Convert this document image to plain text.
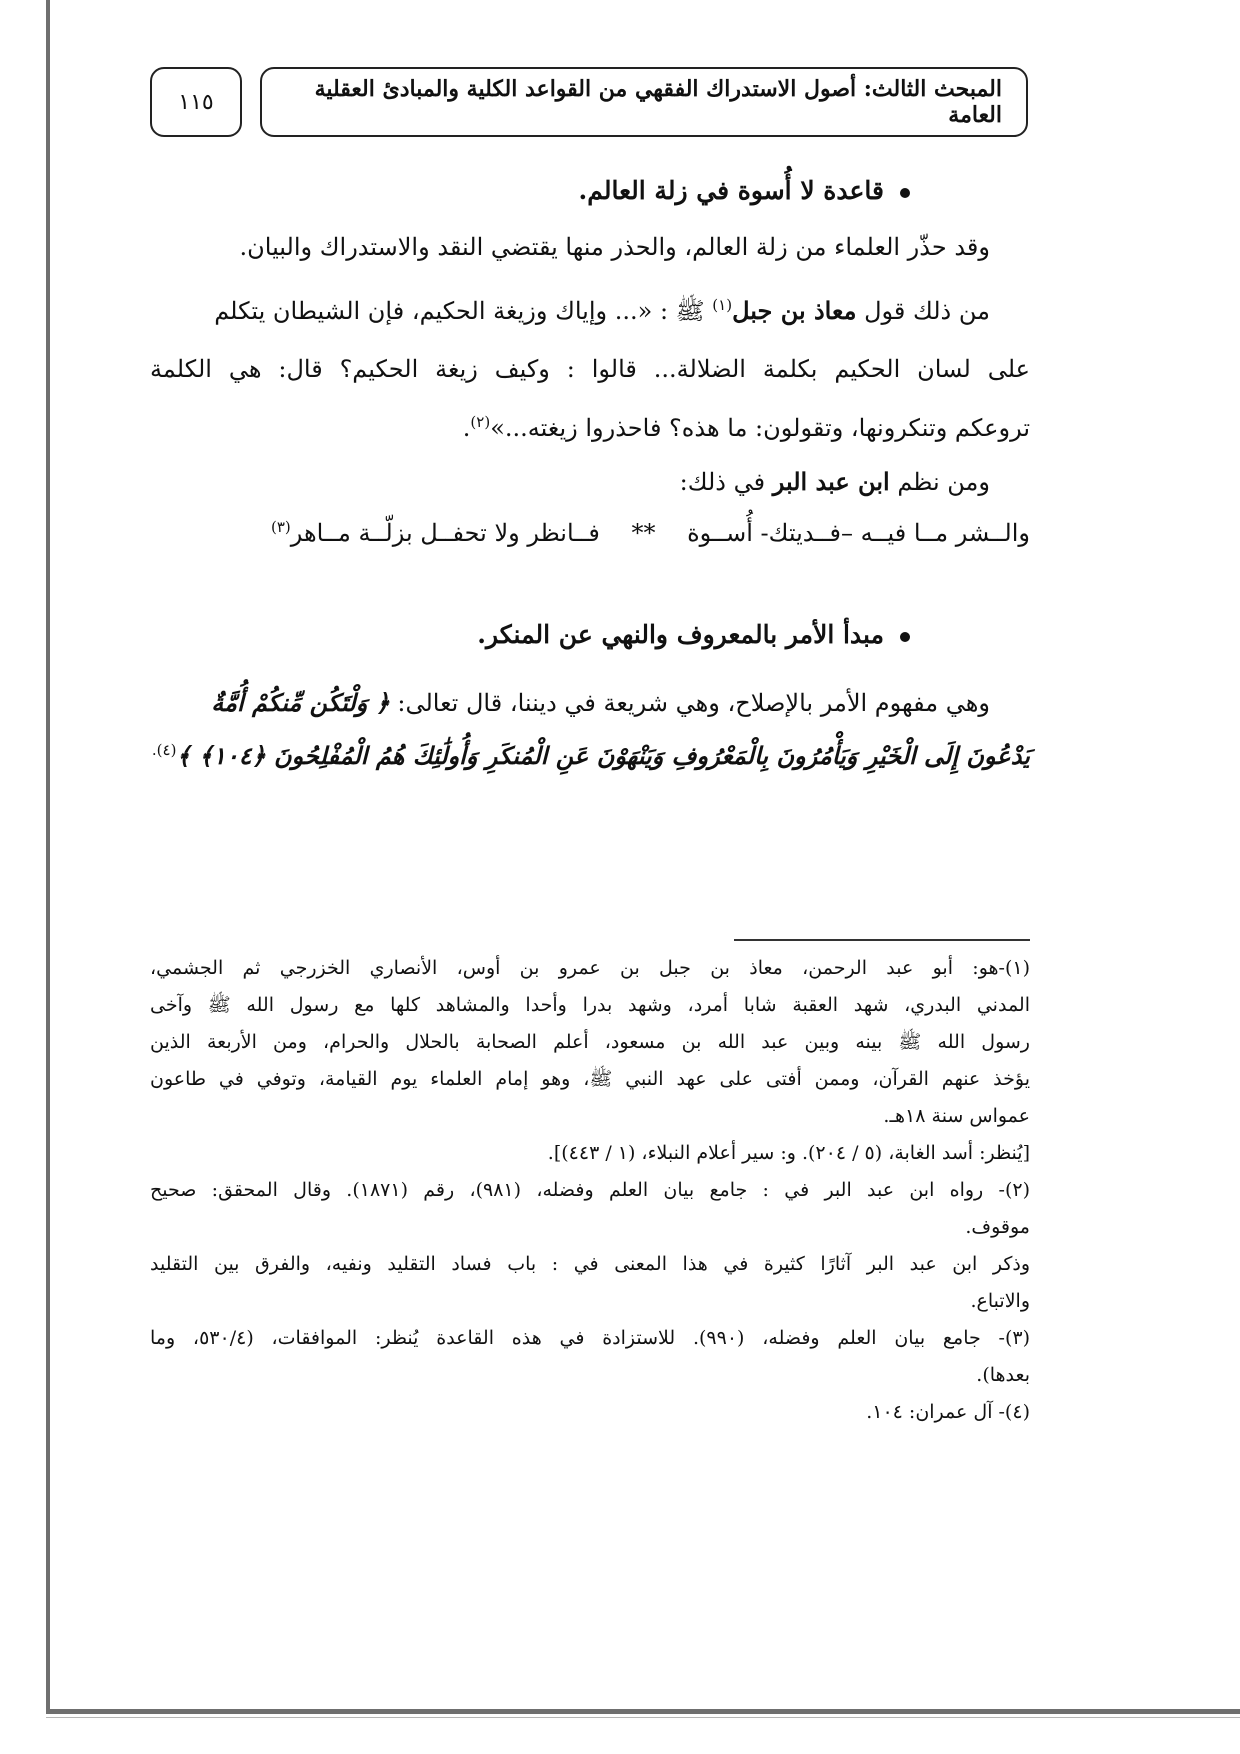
المبحث الثالث: أصول الاستدراك الفقهي من القواعد الكلية والمبادئ العقلية العامة
١١٥
قاعدة لا أُسوة في زلة العالم.
وقد حذّر العلماء من زلة العالم، والحذر منها يقتضي النقد والاستدراك والبيان.
من ذلك قول معاذ بن جبل$^{(١)}$ ﷺ : «... وإياك وزيغة الحكيم، فإن الشيطان يتكلم
على لسان الحكيم بكلمة الضلالة... قالوا : وكيف زيغة الحكيم؟ قال: هي الكلمة
تروعكم وتنكرونها، وتقولون: ما هذه؟ فاحذروا زيغته...»$^{(٢)}$.
ومن نظم ابن عبد البر في ذلك:
والــشر مــا فيــه –فــديتك- أُســوة ** فــانظر ولا تحفــل بزلّــة مــاهر$^{(٣)}$
مبدأ الأمر بالمعروف والنهي عن المنكر.
وهي مفهوم الأمر بالإصلاح، وهي شريعة في ديننا، قال تعالى: ﴿ وَلْتَكُن مِّنكُمْ أُمَّةٌ
يَدْعُونَ إِلَى الْخَيْرِ وَيَأْمُرُونَ بِالْمَعْرُوفِ وَيَنْهَوْنَ عَنِ الْمُنكَرِ وَأُولَٰئِكَ هُمُ الْمُفْلِحُونَ ﴿١٠٤﴾ ﴾$^{(٤).}$

(١)-هو: أبو عبد الرحمن، معاذ بن جبل بن عمرو بن أوس، الأنصاري الخزرجي ثم الجشمي،

المدني البدري، شهد العقبة شابا أمرد، وشهد بدرا وأحدا والمشاهد كلها مع رسول الله ﷺ وآخى

رسول الله ﷺ بينه وبين عبد الله بن مسعود، أعلم الصحابة بالحلال والحرام، ومن الأربعة الذين

يؤخذ عنهم القرآن، وممن أفتى على عهد النبي ﷺ، وهو إمام العلماء يوم القيامة، وتوفي في طاعون

عمواس سنة ١٨هـ.

[يُنظر: أسد الغابة، (٥ / ٢٠٤). و: سير أعلام النبلاء، (١ / ٤٤٣)].

(٢)- رواه ابن عبد البر في : جامع بيان العلم وفضله، (٩٨١)، رقم (١٨٧١). وقال المحقق: صحيح

موقوف.

وذكر ابن عبد البر آثارًا كثيرة في هذا المعنى في : باب فساد التقليد ونفيه، والفرق بين التقليد

والاتباع.

(٣)- جامع بيان العلم وفضله، (٩٩٠). للاستزادة في هذه القاعدة يُنظر: الموافقات، (٥٣٠/٤، وما

بعدها).

(٤)- آل عمران: ١٠٤.
